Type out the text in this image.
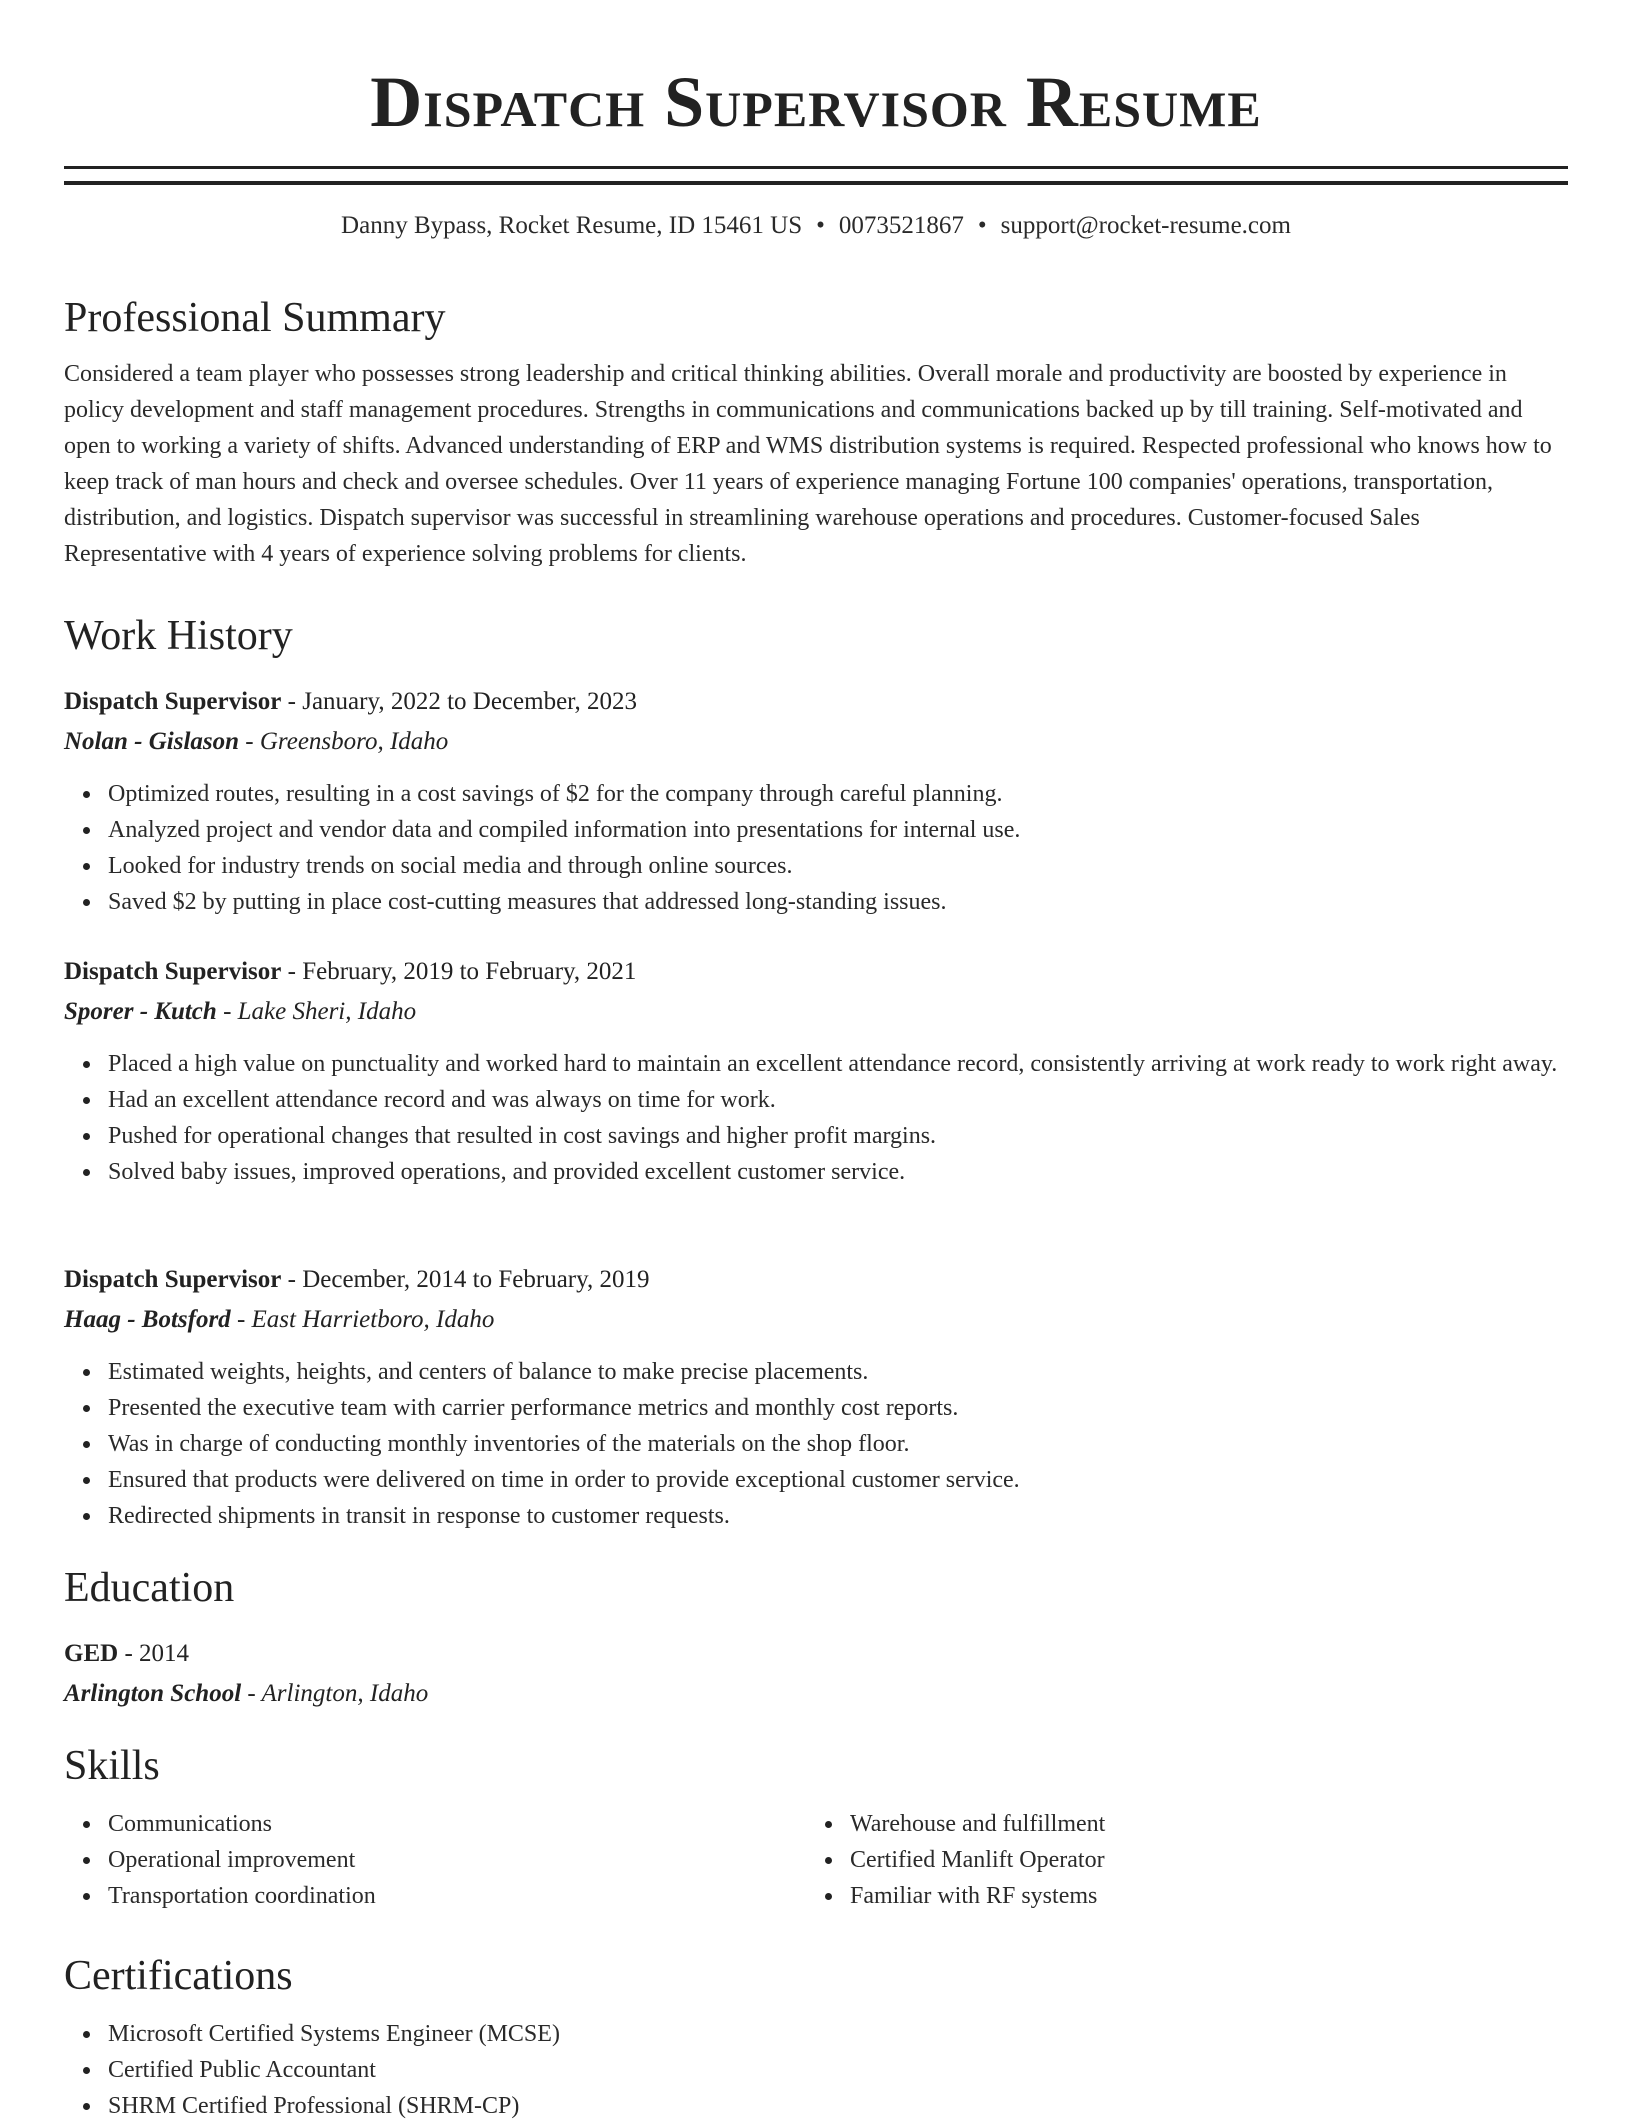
Dispatch Supervisor Resume
Danny Bypass, Rocket Resume, ID 15461 US • 0073521867 • support@rocket-resume.com
Professional Summary

Considered a team player who possesses strong leadership and critical thinking abilities. Overall morale and productivity are boosted by experience in policy development and staff management procedures. Strengths in communications and communications backed up by till training. Self-motivated and open to working a variety of shifts. Advanced understanding of ERP and WMS distribution systems is required. Respected professional who knows how to keep track of man hours and check and oversee schedules. Over 11 years of experience managing Fortune 100 companies' operations, transportation, distribution, and logistics. Dispatch supervisor was successful in streamlining warehouse operations and procedures. Customer-focused Sales Representative with 4 years of experience solving problems for clients.

Work History

Dispatch Supervisor - January, 2022 to December, 2023

Nolan - Gislason - Greensboro, Idaho

Optimized routes, resulting in a cost savings of $2 for the company through careful planning.
Analyzed project and vendor data and compiled information into presentations for internal use.
Looked for industry trends on social media and through online sources.
Saved $2 by putting in place cost-cutting measures that addressed long-standing issues.

Dispatch Supervisor - February, 2019 to February, 2021

Sporer - Kutch - Lake Sheri, Idaho

Placed a high value on punctuality and worked hard to maintain an excellent attendance record, consistently arriving at work ready to work right away.
Had an excellent attendance record and was always on time for work.
Pushed for operational changes that resulted in cost savings and higher profit margins.
Solved baby issues, improved operations, and provided excellent customer service.

Dispatch Supervisor - December, 2014 to February, 2019

Haag - Botsford - East Harrietboro, Idaho

Estimated weights, heights, and centers of balance to make precise placements.
Presented the executive team with carrier performance metrics and monthly cost reports.
Was in charge of conducting monthly inventories of the materials on the shop floor.
Ensured that products were delivered on time in order to provide exceptional customer service.
Redirected shipments in transit in response to customer requests.
Education

GED - 2014

Arlington School - Arlington, Idaho

Skills
Communications
Operational improvement
Transportation coordination
Warehouse and fulfillment
Certified Manlift Operator
Familiar with RF systems
Certifications
Microsoft Certified Systems Engineer (MCSE)
Certified Public Accountant
SHRM Certified Professional (SHRM-CP)
